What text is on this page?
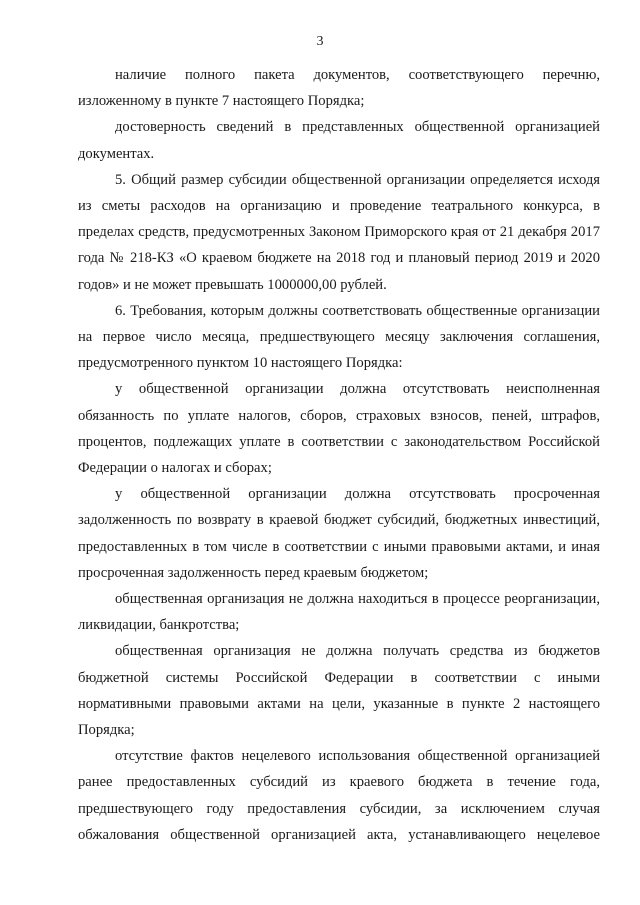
3

наличие полного пакета документов, соответствующего перечню, изложенному в пункте 7 настоящего Порядка;

достоверность сведений в представленных общественной организацией документах.

5. Общий размер субсидии общественной организации определяется исходя из сметы расходов на организацию и проведение театрального конкурса, в пределах средств, предусмотренных Законом Приморского края от 21 декабря 2017 года № 218-КЗ «О краевом бюджете на 2018 год и плановый период 2019 и 2020 годов» и не может превышать 1000000,00 рублей.

6. Требования, которым должны соответствовать общественные организации на первое число месяца, предшествующего месяцу заключения соглашения, предусмотренного пунктом 10 настоящего Порядка:

у общественной организации должна отсутствовать неисполненная обязанность по уплате налогов, сборов, страховых взносов, пеней, штрафов, процентов, подлежащих уплате в соответствии с законодательством Российской Федерации о налогах и сборах;

у общественной организации должна отсутствовать просроченная задолженность по возврату в краевой бюджет субсидий, бюджетных инвестиций, предоставленных в том числе в соответствии с иными правовыми актами, и иная просроченная задолженность перед краевым бюджетом;

общественная организация не должна находиться в процессе реорганизации, ликвидации, банкротства;

общественная организация не должна получать средства из бюджетов бюджетной системы Российской Федерации в соответствии с иными нормативными правовыми актами на цели, указанные в пункте 2 настоящего Порядка;

отсутствие фактов нецелевого использования общественной организацией ранее предоставленных субсидий из краевого бюджета в течение года, предшествующего году предоставления субсидии, за исключением случая обжалования общественной организацией акта, устанавливающего нецелевое
